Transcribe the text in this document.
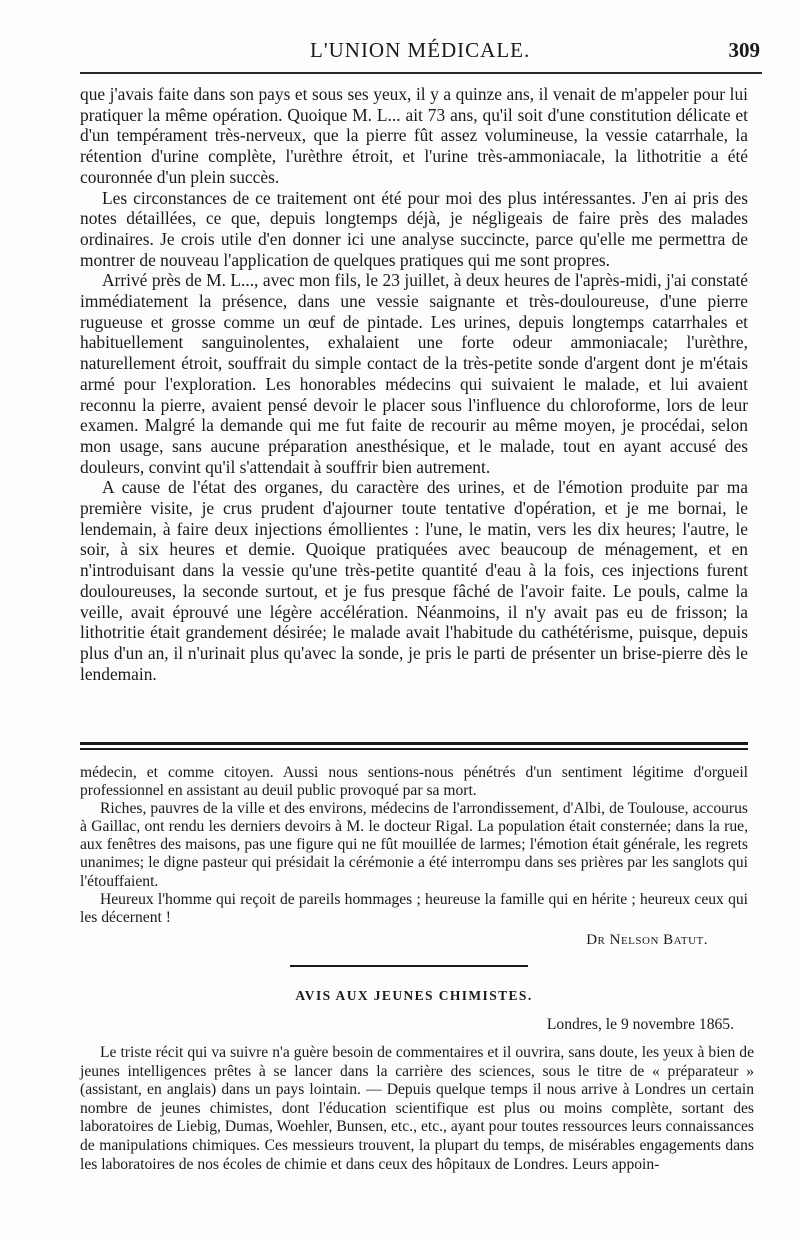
L'UNION MÉDICALE.	309

que j'avais faite dans son pays et sous ses yeux, il y a quinze ans, il venait de m'appeler pour lui pratiquer la même opération. Quoique M. L... ait 73 ans, qu'il soit d'une constitution délicate et d'un tempérament très-nerveux, que la pierre fût assez volumineuse, la vessie catarrhale, la rétention d'urine complète, l'urèthre étroit, et l'urine très-ammoniacale, la lithotritie a été couronnée d'un plein succès.

Les circonstances de ce traitement ont été pour moi des plus intéressantes. J'en ai pris des notes détaillées, ce que, depuis longtemps déjà, je négligeais de faire près des malades ordinaires. Je crois utile d'en donner ici une analyse succincte, parce qu'elle me permettra de montrer de nouveau l'application de quelques pratiques qui me sont propres.

Arrivé près de M. L..., avec mon fils, le 23 juillet, à deux heures de l'après-midi, j'ai constaté immédiatement la présence, dans une vessie saignante et très-douloureuse, d'une pierre rugueuse et grosse comme un œuf de pintade. Les urines, depuis longtemps catarrhales et habituellement sanguinolentes, exhalaient une forte odeur ammoniacale; l'urèthre, naturellement étroit, souffrait du simple contact de la très-petite sonde d'argent dont je m'étais armé pour l'exploration. Les honorables médecins qui suivaient le malade, et lui avaient reconnu la pierre, avaient pensé devoir le placer sous l'influence du chloroforme, lors de leur examen. Malgré la demande qui me fut faite de recourir au même moyen, je procédai, selon mon usage, sans aucune préparation anesthésique, et le malade, tout en ayant accusé des douleurs, convint qu'il s'attendait à souffrir bien autrement.

A cause de l'état des organes, du caractère des urines, et de l'émotion produite par ma première visite, je crus prudent d'ajourner toute tentative d'opération, et je me bornai, le lendemain, à faire deux injections émollientes : l'une, le matin, vers les dix heures; l'autre, le soir, à six heures et demie. Quoique pratiquées avec beaucoup de ménagement, et en n'introduisant dans la vessie qu'une très-petite quantité d'eau à la fois, ces injections furent douloureuses, la seconde surtout, et je fus presque fâché de l'avoir faite. Le pouls, calme la veille, avait éprouvé une légère accélération. Néanmoins, il n'y avait pas eu de frisson; la lithotritie était grandement désirée; le malade avait l'habitude du cathétérisme, puisque, depuis plus d'un an, il n'urinait plus qu'avec la sonde, je pris le parti de présenter un brise-pierre dès le lendemain.

médecin, et comme citoyen. Aussi nous sentions-nous pénétrés d'un sentiment légitime d'orgueil professionnel en assistant au deuil public provoqué par sa mort.

Riches, pauvres de la ville et des environs, médecins de l'arrondissement, d'Albi, de Toulouse, accourus à Gaillac, ont rendu les derniers devoirs à M. le docteur Rigal. La population était consternée; dans la rue, aux fenêtres des maisons, pas une figure qui ne fût mouillée de larmes; l'émotion était générale, les regrets unanimes; le digne pasteur qui présidait la cérémonie a été interrompu dans ses prières par les sanglots qui l'étouffaient.

Heureux l'homme qui reçoit de pareils hommages ; heureuse la famille qui en hérite ; heureux ceux qui les décernent !

Dr Nelson Batut.
AVIS AUX JEUNES CHIMISTES.
Londres, le 9 novembre 1865.

Le triste récit qui va suivre n'a guère besoin de commentaires et il ouvrira, sans doute, les yeux à bien de jeunes intelligences prêtes à se lancer dans la carrière des sciences, sous le titre de « préparateur » (assistant, en anglais) dans un pays lointain. — Depuis quelque temps il nous arrive à Londres un certain nombre de jeunes chimistes, dont l'éducation scientifique est plus ou moins complète, sortant des laboratoires de Liebig, Dumas, Woehler, Bunsen, etc., etc., ayant pour toutes ressources leurs connaissances de manipulations chimiques. Ces messieurs trouvent, la plupart du temps, de misérables engagements dans les laboratoires de nos écoles de chimie et dans ceux des hôpitaux de Londres. Leurs appoin-
